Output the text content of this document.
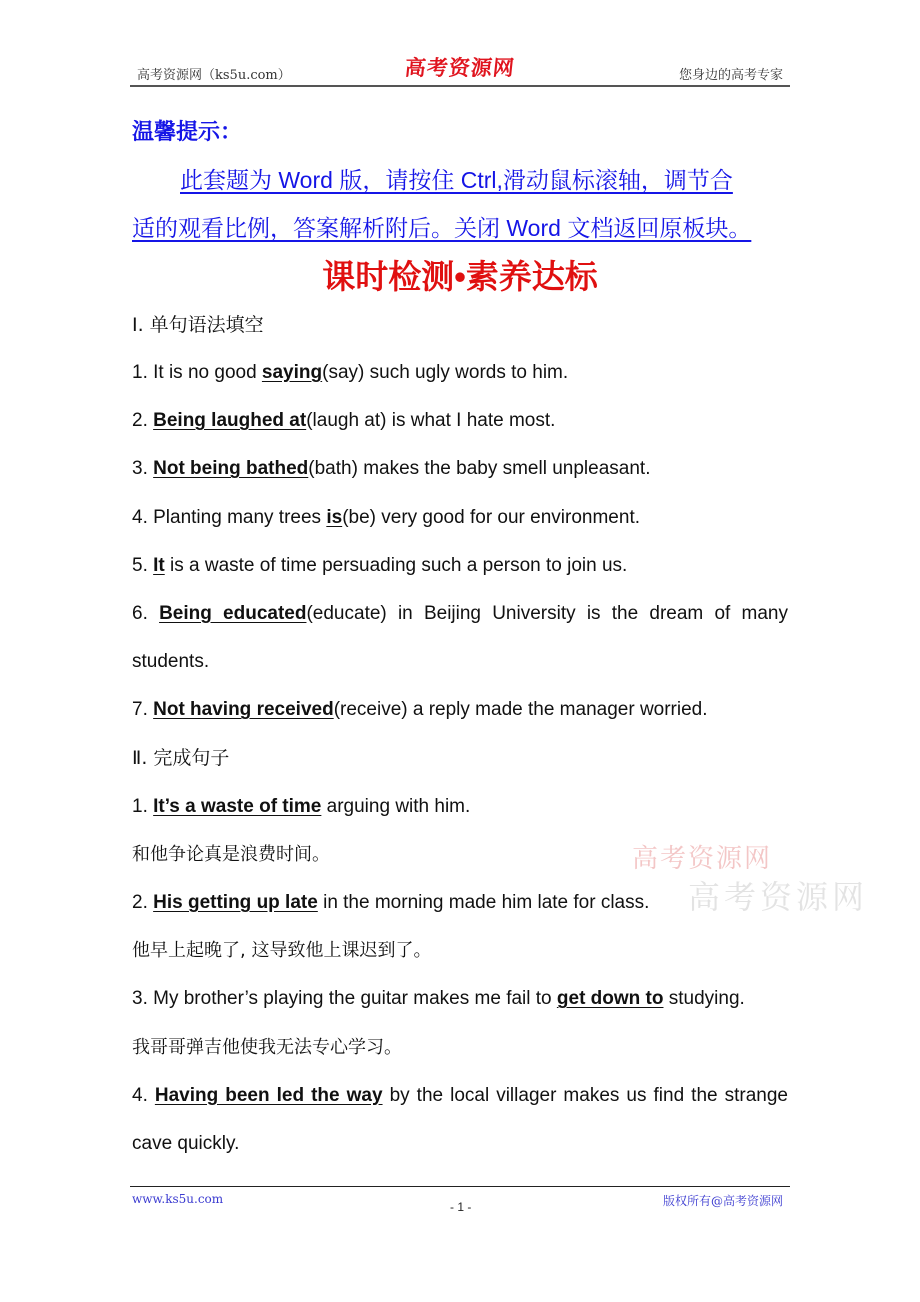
高考资源网（ks5u.com）	高考资源网	您身边的高考专家
温馨提示：
此套题为 Word 版，请按住 Ctrl,滑动鼠标滚轴，调节合
适的观看比例，答案解析附后。关闭 Word 文档返回原板块。
课时检测•素养达标
Ⅰ. 单句语法填空
1. It is no good saying(say) such ugly words to him.
2. Being laughed at(laugh at) is what I hate most.
3. Not being bathed(bath) makes the baby smell unpleasant.
4. Planting many trees is(be) very good for our environment.
5. It is a waste of time persuading such a person to join us.
6. Being educated(educate) in Beijing University is the dream of many students.
7. Not having received(receive) a reply made the manager worried.
Ⅱ. 完成句子
1. It’s a waste of time arguing with him.
和他争论真是浪费时间。
2. His getting up late in the morning made him late for class.
他早上起晚了, 这导致他上课迟到了。
3. My brother’s playing the guitar makes me fail to get down to studying.
我哥哥弹吉他使我无法专心学习。
4. Having been led the way by the local villager makes us find the strange cave quickly.
高考资源网
高考资源网
www.ks5u.com
- 1 -	版权所有@高考资源网
